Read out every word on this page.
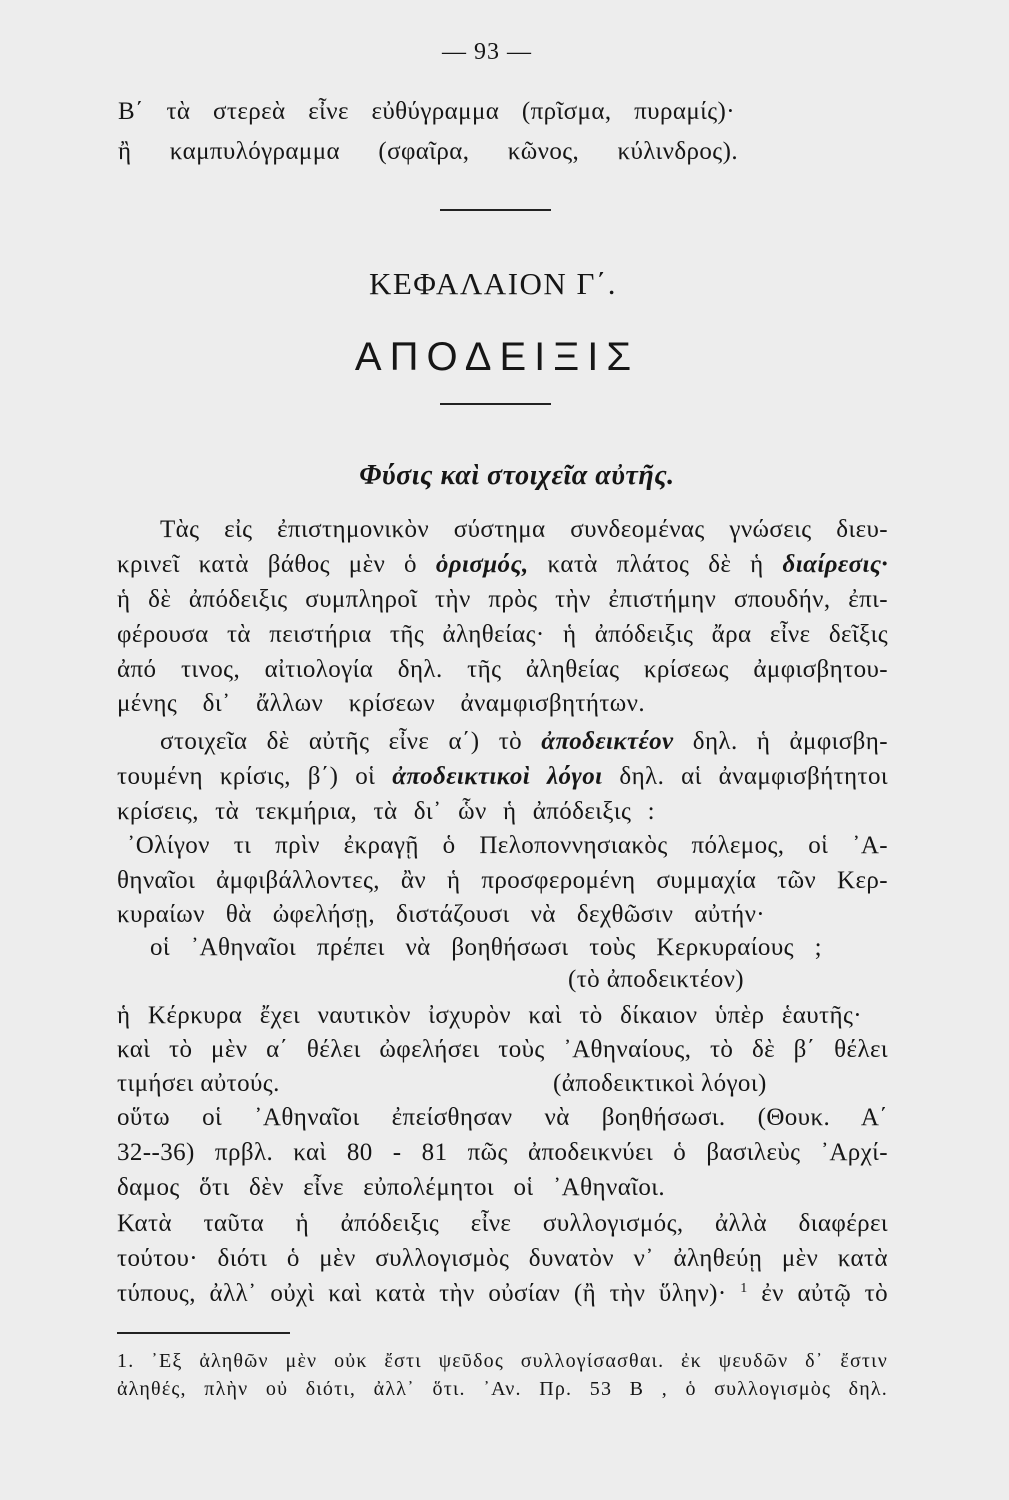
— 93 —
Β΄ τὰ στερεὰ εἶνε εὐθύγραμμα (πρῖσμα, πυραμίς)·
ἢ καμπυλόγραμμα (σφαῖρα, κῶνος, κύλινδρος).
ΚΕΦΑΛΑΙΟΝ Γ΄.
ΑΠΟΔΕΙΞΙΣ
Φύσις καὶ στοιχεῖα αὐτῆς.
Τὰς εἰς ἐπιστημονικὸν σύστημα συνδεομένας γνώσεις διευ-
κρινεῖ κατὰ βάθος μὲν ὁ ὁρισμός, κατὰ πλάτος δὲ ἡ διαίρεσις·
ἡ δὲ ἀπόδειξις συμπληροῖ τὴν πρὸς τὴν ἐπιστήμην σπουδήν, ἐπι-
φέρουσα τὰ πειστήρια τῆς ἀληθείας· ἡ ἀπόδειξις ἄρα εἶνε δεῖξις
ἀπό τινος, αἰτιολογία δηλ. τῆς ἀληθείας κρίσεως ἀμφισβητου-
μένης δι᾽ ἄλλων κρίσεων ἀναμφισβητήτων.
στοιχεῖα δὲ αὐτῆς εἶνε α΄) τὸ ἀποδεικτέον δηλ. ἡ ἀμφισβη-
τουμένη κρίσις, β΄) οἱ ἀποδεικτικοὶ λόγοι δηλ. αἱ ἀναμφισβήτητοι
κρίσεις, τὰ τεκμήρια, τὰ δι᾽ ὧν ἡ ἀπόδειξις :
᾿Ολίγον τι πρὶν ἐκραγῇ ὁ Πελοποννησιακὸς πόλεμος, οἱ ᾿Α-
θηναῖοι ἀμφιβάλλοντες, ἂν ἡ προσφερομένη συμμαχία τῶν Κερ-
κυραίων θὰ ὠφελήσῃ, διστάζουσι νὰ δεχθῶσιν αὐτήν·
οἱ ᾿Αθηναῖοι πρέπει νὰ βοηθήσωσι τοὺς Κερκυραίους ;
(τὸ ἀποδεικτέον)
ἡ Κέρκυρα ἔχει ναυτικὸν ἰσχυρὸν καὶ τὸ δίκαιον ὑπὲρ ἑαυτῆς·
καὶ τὸ μὲν α΄ θέλει ὠφελήσει τοὺς ᾿Αθηναίους, τὸ δὲ β΄ θέλει
τιμήσει αὐτούς.	(ἀποδεικτικοὶ λόγοι)
οὕτω οἱ ᾿Αθηναῖοι ἐπείσθησαν νὰ βοηθήσωσι. (Θουκ. Α΄
32--36) πρβλ. καὶ 80 - 81 πῶς ἀποδεικνύει ὁ βασιλεὺς ᾿Αρχί-
δαμος ὅτι δὲν εἶνε εὐπολέμητοι οἱ ᾿Αθηναῖοι.
Κατὰ ταῦτα ἡ ἀπόδειξις εἶνε συλλογισμός, ἀλλὰ διαφέρει
τούτου· διότι ὁ μὲν συλλογισμὸς δυνατὸν ν᾽ ἀληθεύῃ μὲν κατὰ
τύπους, ἀλλ᾽ οὐχὶ καὶ κατὰ τὴν οὐσίαν (ἢ τὴν ὕλην)· $^1$ ἐν αὐτῷ τὸ
1. ᾿Εξ ἀληθῶν μὲν οὐκ ἔστι ψεῦδος συλλογίσασθαι. ἐκ ψευδῶν δ᾽ ἔστιν
ἀληθές, πλὴν οὐ διότι, ἀλλ᾽ ὅτι. ᾿Αν. Πρ. 53 Β , ὁ συλλογισμὸς δηλ.
